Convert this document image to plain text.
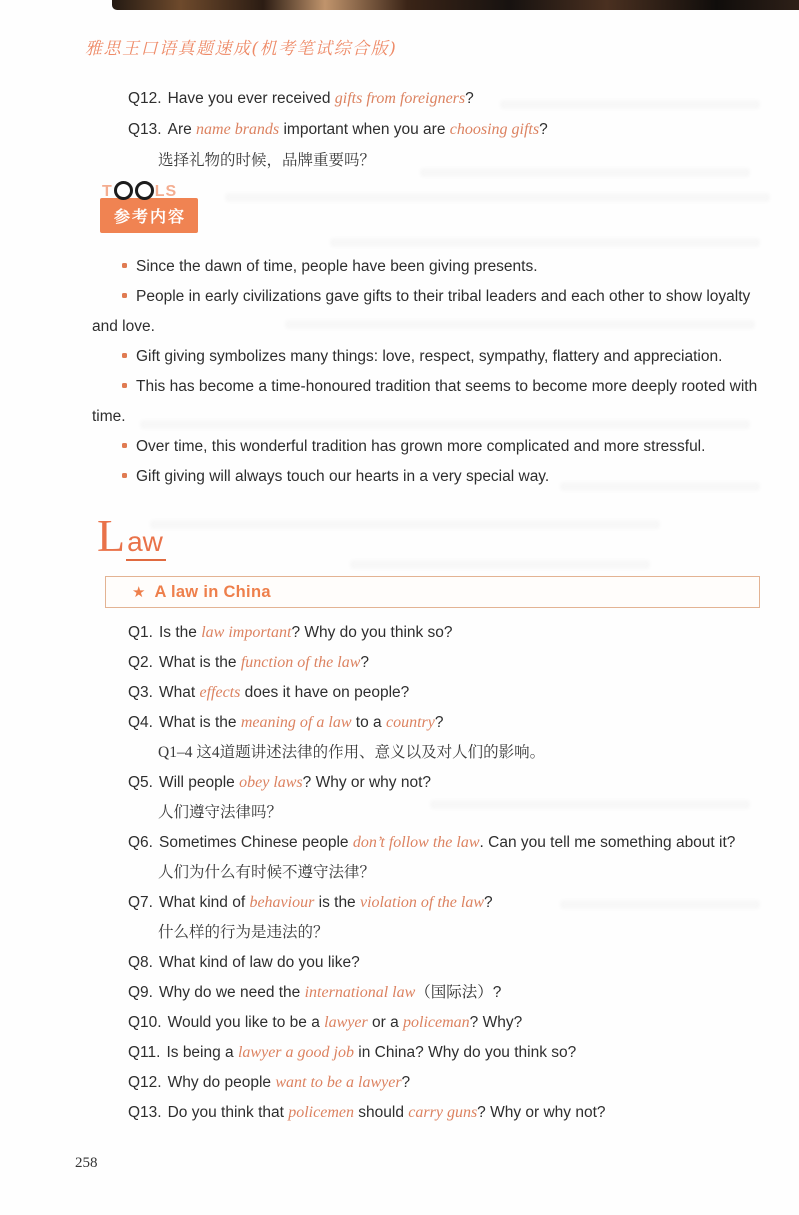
雅思王口语真题速成(机考笔试综合版)
Q12. Have you ever received gifts from foreigners?
Q13. Are name brands important when you are choosing gifts?
选择礼物的时候，品牌重要吗？
T	LS
参考内容

Since the dawn of time, people have been giving presents.

People in early civilizations gave gifts to their tribal leaders and each other to show loyalty and love.

Gift giving symbolizes many things: love, respect, sympathy, flattery and appreciation.

This has become a time-honoured tradition that seems to become more deeply rooted with time.

Over time, this wonderful tradition has grown more complicated and more stressful.

Gift giving will always touch our hearts in a very special way.

L aw
★ A law in China
Q1. Is the law important? Why do you think so?
Q2. What is the function of the law?
Q3. What effects does it have on people?
Q4. What is the meaning of a law to a country?
Q1–4 这4道题讲述法律的作用、意义以及对人们的影响。
Q5. Will people obey laws? Why or why not?
人们遵守法律吗？
Q6. Sometimes Chinese people don’t follow the law. Can you tell me something about it?
人们为什么有时候不遵守法律？
Q7. What kind of behaviour is the violation of the law?
什么样的行为是违法的？
Q8. What kind of law do you like?
Q9. Why do we need the international law（国际法）?
Q10. Would you like to be a lawyer or a policeman? Why?
Q11. Is being a lawyer a good job in China? Why do you think so?
Q12. Why do people want to be a lawyer?
Q13. Do you think that policemen should carry guns? Why or why not?
258
